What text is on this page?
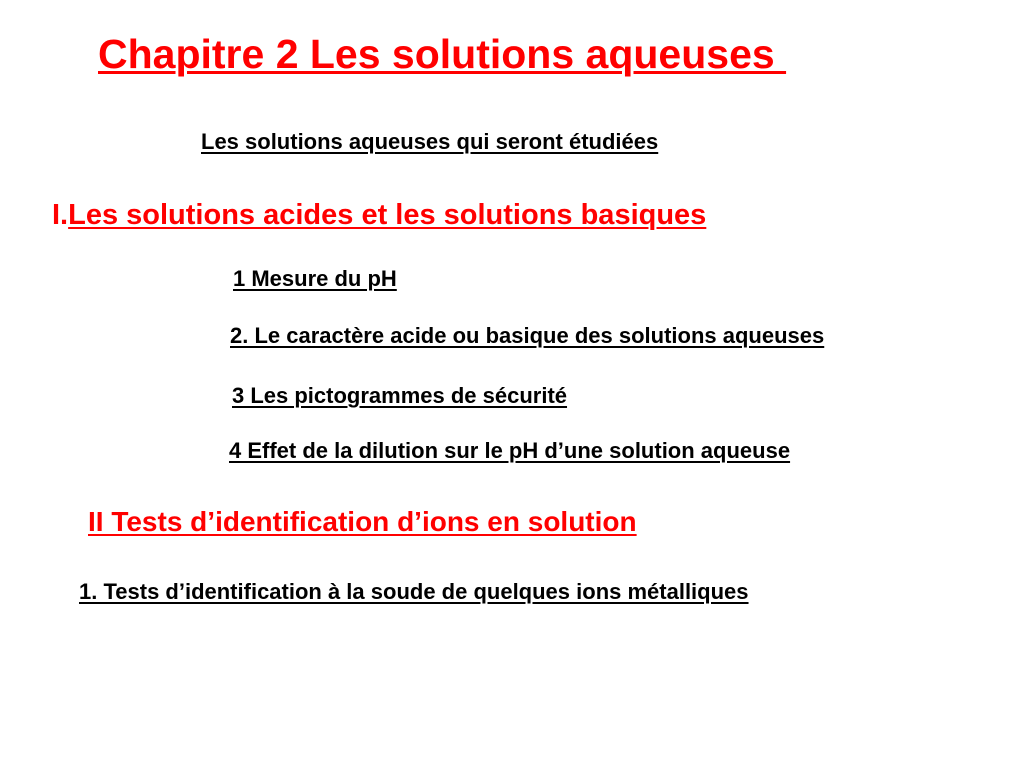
Chapitre 2 Les solutions aqueuses
Les solutions aqueuses qui seront étudiées
I.Les solutions acides et les solutions basiques
1 Mesure du pH
2. Le caractère acide ou basique des solutions aqueuses
3 Les pictogrammes de sécurité
4 Effet de la dilution sur le pH d’une solution aqueuse
II Tests d’identification d’ions en solution
1. Tests d’identification à la soude de quelques ions métalliques
